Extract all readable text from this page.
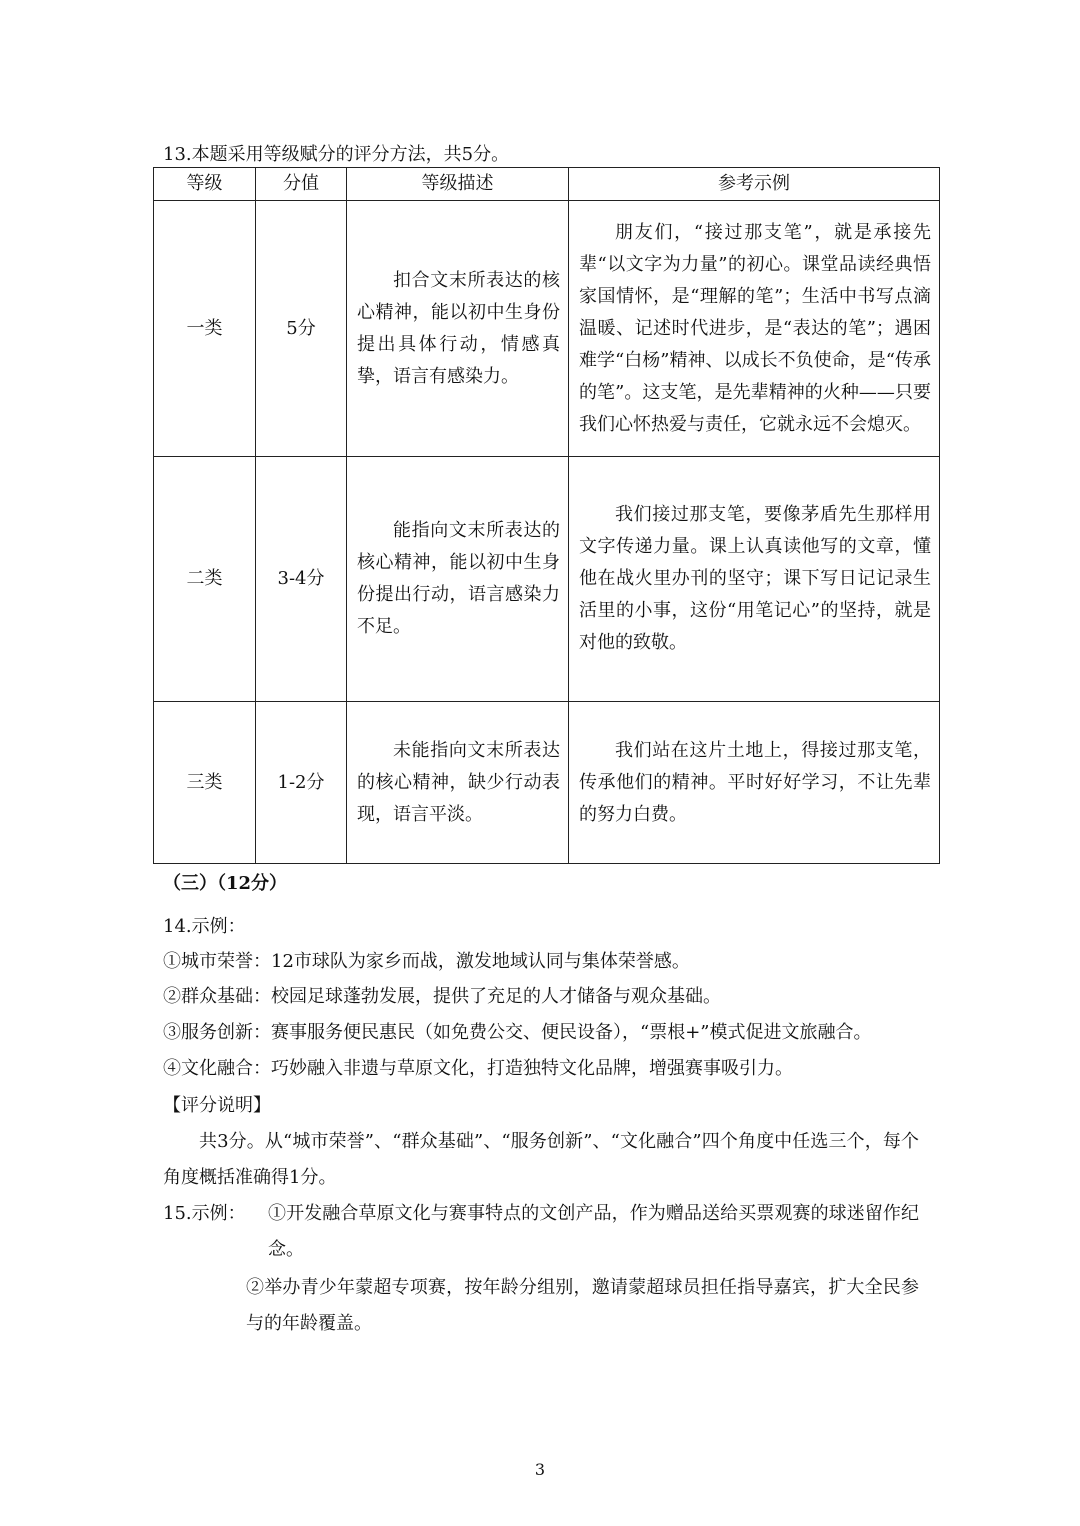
13.本题采用等级赋分的评分方法，共5分。
等级	分值	等级描述	参考示例
一类	5分	扣合文末所表达的核心精神，能以初中生身份提出具体行动，情感真挚，语言有感染力。	朋友们，“接过那支笔”，就是承接先辈“以文字为力量”的初心。课堂品读经典悟家国情怀，是“理解的笔”；生活中书写点滴温暖、记述时代进步，是“表达的笔”；遇困难学“白杨”精神、以成长不负使命，是“传承的笔”。这支笔，是先辈精神的火种——只要我们心怀热爱与责任，它就永远不会熄灭。
二类	3-4分	能指向文末所表达的核心精神，能以初中生身份提出行动，语言感染力不足。	我们接过那支笔，要像茅盾先生那样用文字传递力量。课上认真读他写的文章，懂他在战火里办刊的坚守；课下写日记记录生活里的小事，这份“用笔记心”的坚持，就是对他的致敬。
三类	1-2分	未能指向文末所表达的核心精神，缺少行动表现，语言平淡。	我们站在这片土地上，得接过那支笔，传承他们的精神。平时好好学习，不让先辈的努力白费。
（三）（12分）
14.示例：
①城市荣誉：12市球队为家乡而战，激发地域认同与集体荣誉感。
②群众基础：校园足球蓬勃发展，提供了充足的人才储备与观众基础。
③服务创新：赛事服务便民惠民（如免费公交、便民设备），“票根+”模式促进文旅融合。
④文化融合：巧妙融入非遗与草原文化，打造独特文化品牌，增强赛事吸引力。
【评分说明】
共3分。从“城市荣誉”、“群众基础”、“服务创新”、“文化融合”四个角度中任选三个，每个角度概括准确得1分。
15.示例： ①开发融合草原文化与赛事特点的文创产品，作为赠品送给买票观赛的球迷留作纪念。
②举办青少年蒙超专项赛，按年龄分组别，邀请蒙超球员担任指导嘉宾，扩大全民参与的年龄覆盖。
3
